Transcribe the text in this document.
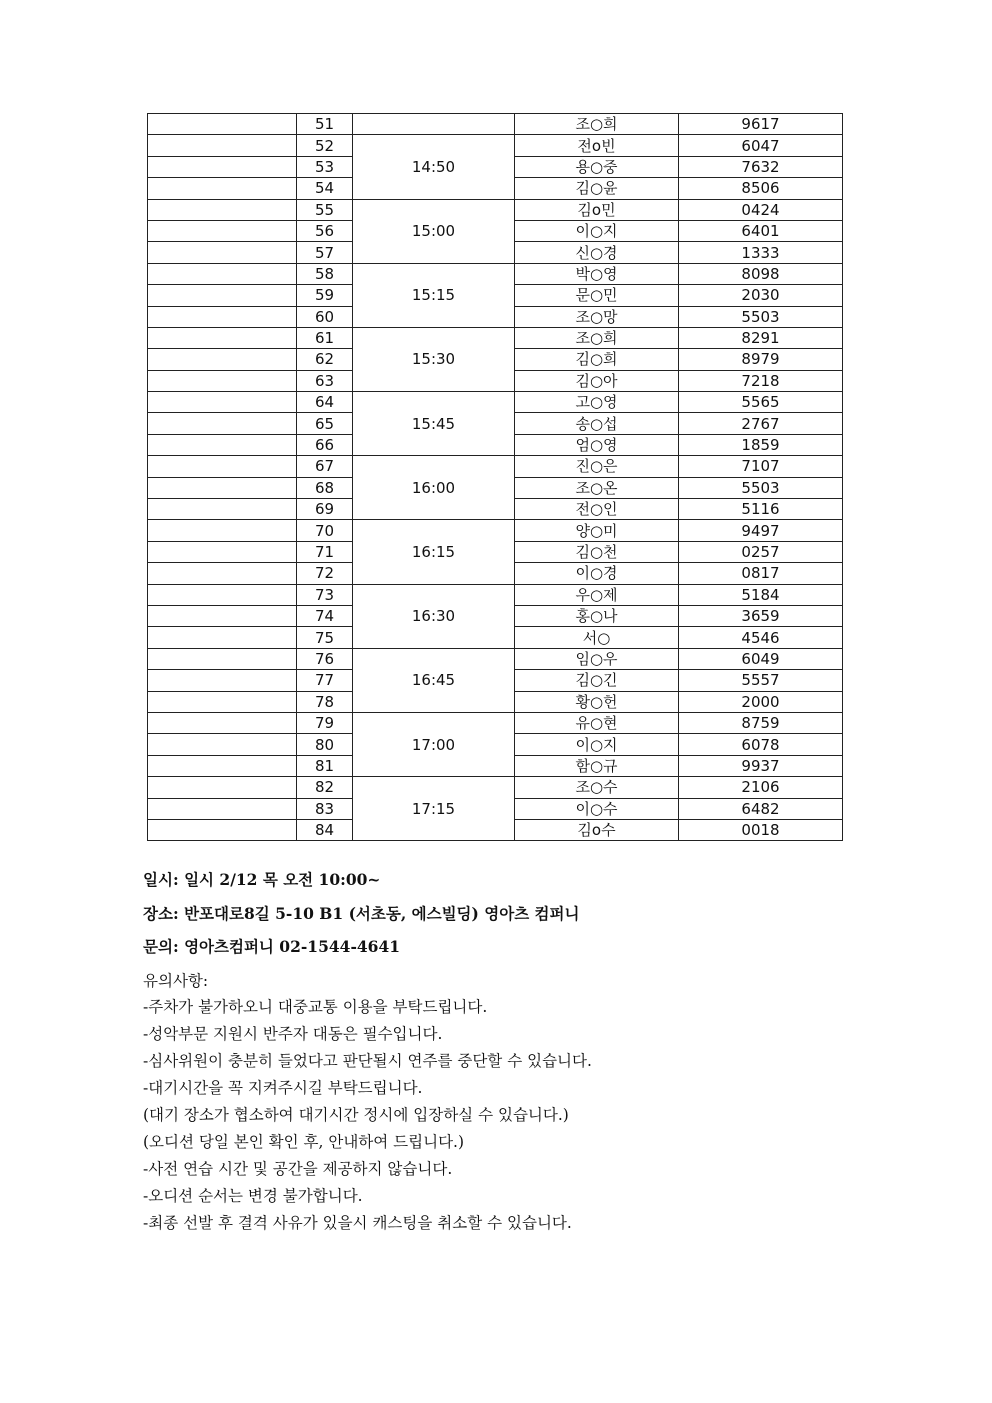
	51		조○희	9617
	52	14:50	전o빈	6047
	53		용○중	7632
	54		김○윤	8506
	55	15:00	김o민	0424
	56		이○지	6401
	57		신○경	1333
	58	15:15	박○영	8098
	59		문○민	2030
	60		조○망	5503
	61	15:30	조○희	8291
	62		김○희	8979
	63		김○아	7218
	64	15:45	고○영	5565
	65		송○섭	2767
	66		엄○영	1859
	67	16:00	진○은	7107
	68		조○온	5503
	69		전○인	5116
	70	16:15	양○미	9497
	71		김○천	0257
	72		이○경	0817
	73	16:30	우○제	5184
	74		홍○나	3659
	75		서○	4546
	76	16:45	임○우	6049
	77		김○긴	5557
	78		황○헌	2000
	79	17:00	유○현	8759
	80		이○지	6078
	81		함○규	9937
	82	17:15	조○수	2106
	83		이○수	6482
	84		김o수	0018
일시: 일시 2/12 목 오전 10:00~
장소: 반포대로8길 5-10 B1 (서초동, 에스빌딩) 영아츠 컴퍼니
문의: 영아츠컴퍼니 02-1544-4641
유의사항:
-주차가 불가하오니 대중교통 이용을 부탁드립니다.
-성악부문 지원시 반주자 대동은 필수입니다.
-심사위원이 충분히 들었다고 판단될시 연주를 중단할 수 있습니다.
-대기시간을 꼭 지켜주시길 부탁드립니다.
(대기 장소가 협소하여 대기시간 정시에 입장하실 수 있습니다.)
(오디션 당일 본인 확인 후, 안내하여 드립니다.)
-사전 연습 시간 및 공간을 제공하지 않습니다.
-오디션 순서는 변경 불가합니다.
-최종 선발 후 결격 사유가 있을시 캐스팅을 취소할 수 있습니다.
